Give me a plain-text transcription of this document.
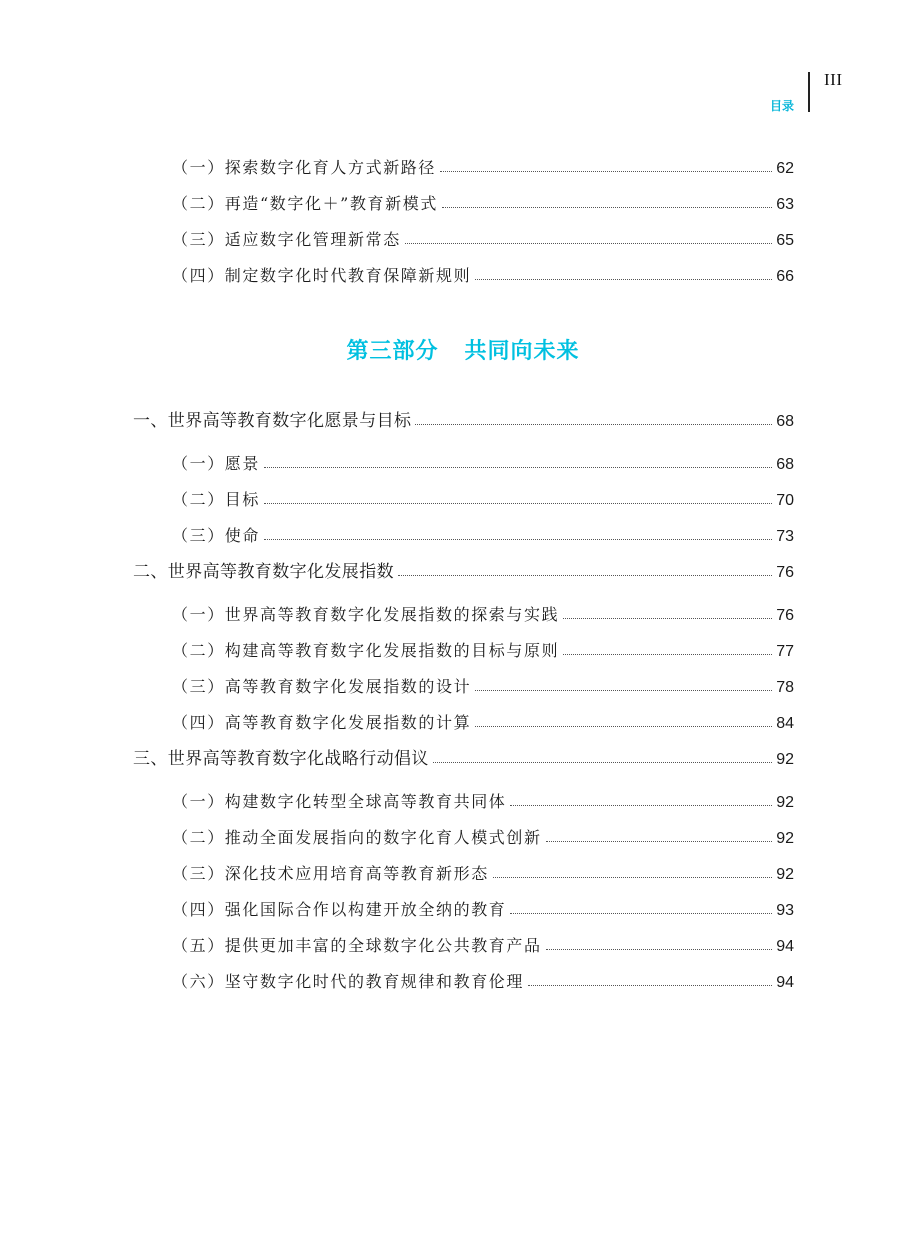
III
目录
（一）探索数字化育人方式新路径	62
（二）再造“数字化＋”教育新模式	63
（三）适应数字化管理新常态	65
（四）制定数字化时代教育保障新规则	66
第三部分 共同向未来
一、世界高等教育数字化愿景与目标	68
（一）愿景	68
（二）目标	70
（三）使命	73
二、世界高等教育数字化发展指数	76
（一）世界高等教育数字化发展指数的探索与实践	76
（二）构建高等教育数字化发展指数的目标与原则	77
（三）高等教育数字化发展指数的设计	78
（四）高等教育数字化发展指数的计算	84
三、世界高等教育数字化战略行动倡议	92
（一）构建数字化转型全球高等教育共同体	92
（二）推动全面发展指向的数字化育人模式创新	92
（三）深化技术应用培育高等教育新形态	92
（四）强化国际合作以构建开放全纳的教育	93
（五）提供更加丰富的全球数字化公共教育产品	94
（六）坚守数字化时代的教育规律和教育伦理	94
